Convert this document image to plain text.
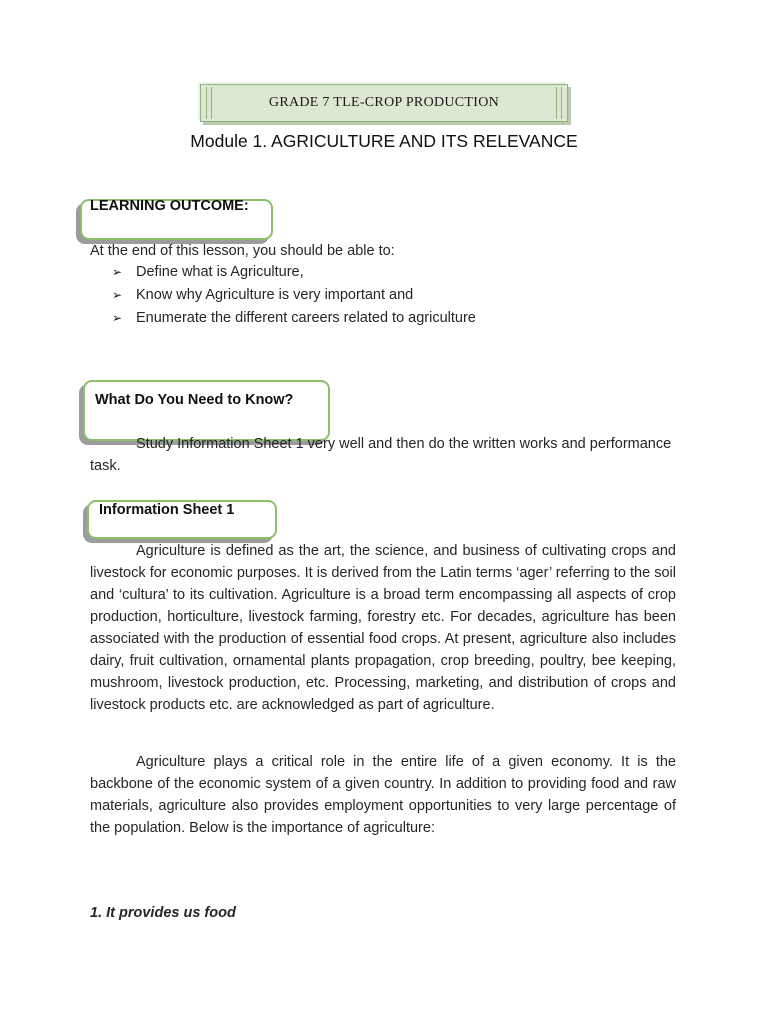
GRADE 7 TLE-CROP PRODUCTION
Module 1. AGRICULTURE AND ITS RELEVANCE
LEARNING OUTCOME:
At the end of this lesson, you should be able to:
➢ Define what is Agriculture,
➢ Know why Agriculture is very important and
➢ Enumerate the different careers related to agriculture
What Do You Need to Know?
Study Information Sheet 1 very well and then do the written works and performance task.
Information Sheet 1
Agriculture is defined as the art, the science, and business of cultivating crops and livestock for economic purposes. It is derived from the Latin terms ‘ager’ referring to the soil and ‘cultura’ to its cultivation. Agriculture is a broad term encompassing all aspects of crop production, horticulture, livestock farming, forestry etc. For decades, agriculture has been associated with the production of essential food crops. At present, agriculture also includes dairy, fruit cultivation, ornamental plants propagation, crop breeding, poultry, bee keeping, mushroom, livestock production, etc. Processing, marketing, and distribution of crops and livestock products etc. are acknowledged as part of agriculture.
Agriculture plays a critical role in the entire life of a given economy. It is the backbone of the economic system of a given country. In addition to providing food and raw materials, agriculture also provides employment opportunities to very large percentage of the population. Below is the importance of agriculture:
1. It provides us food
